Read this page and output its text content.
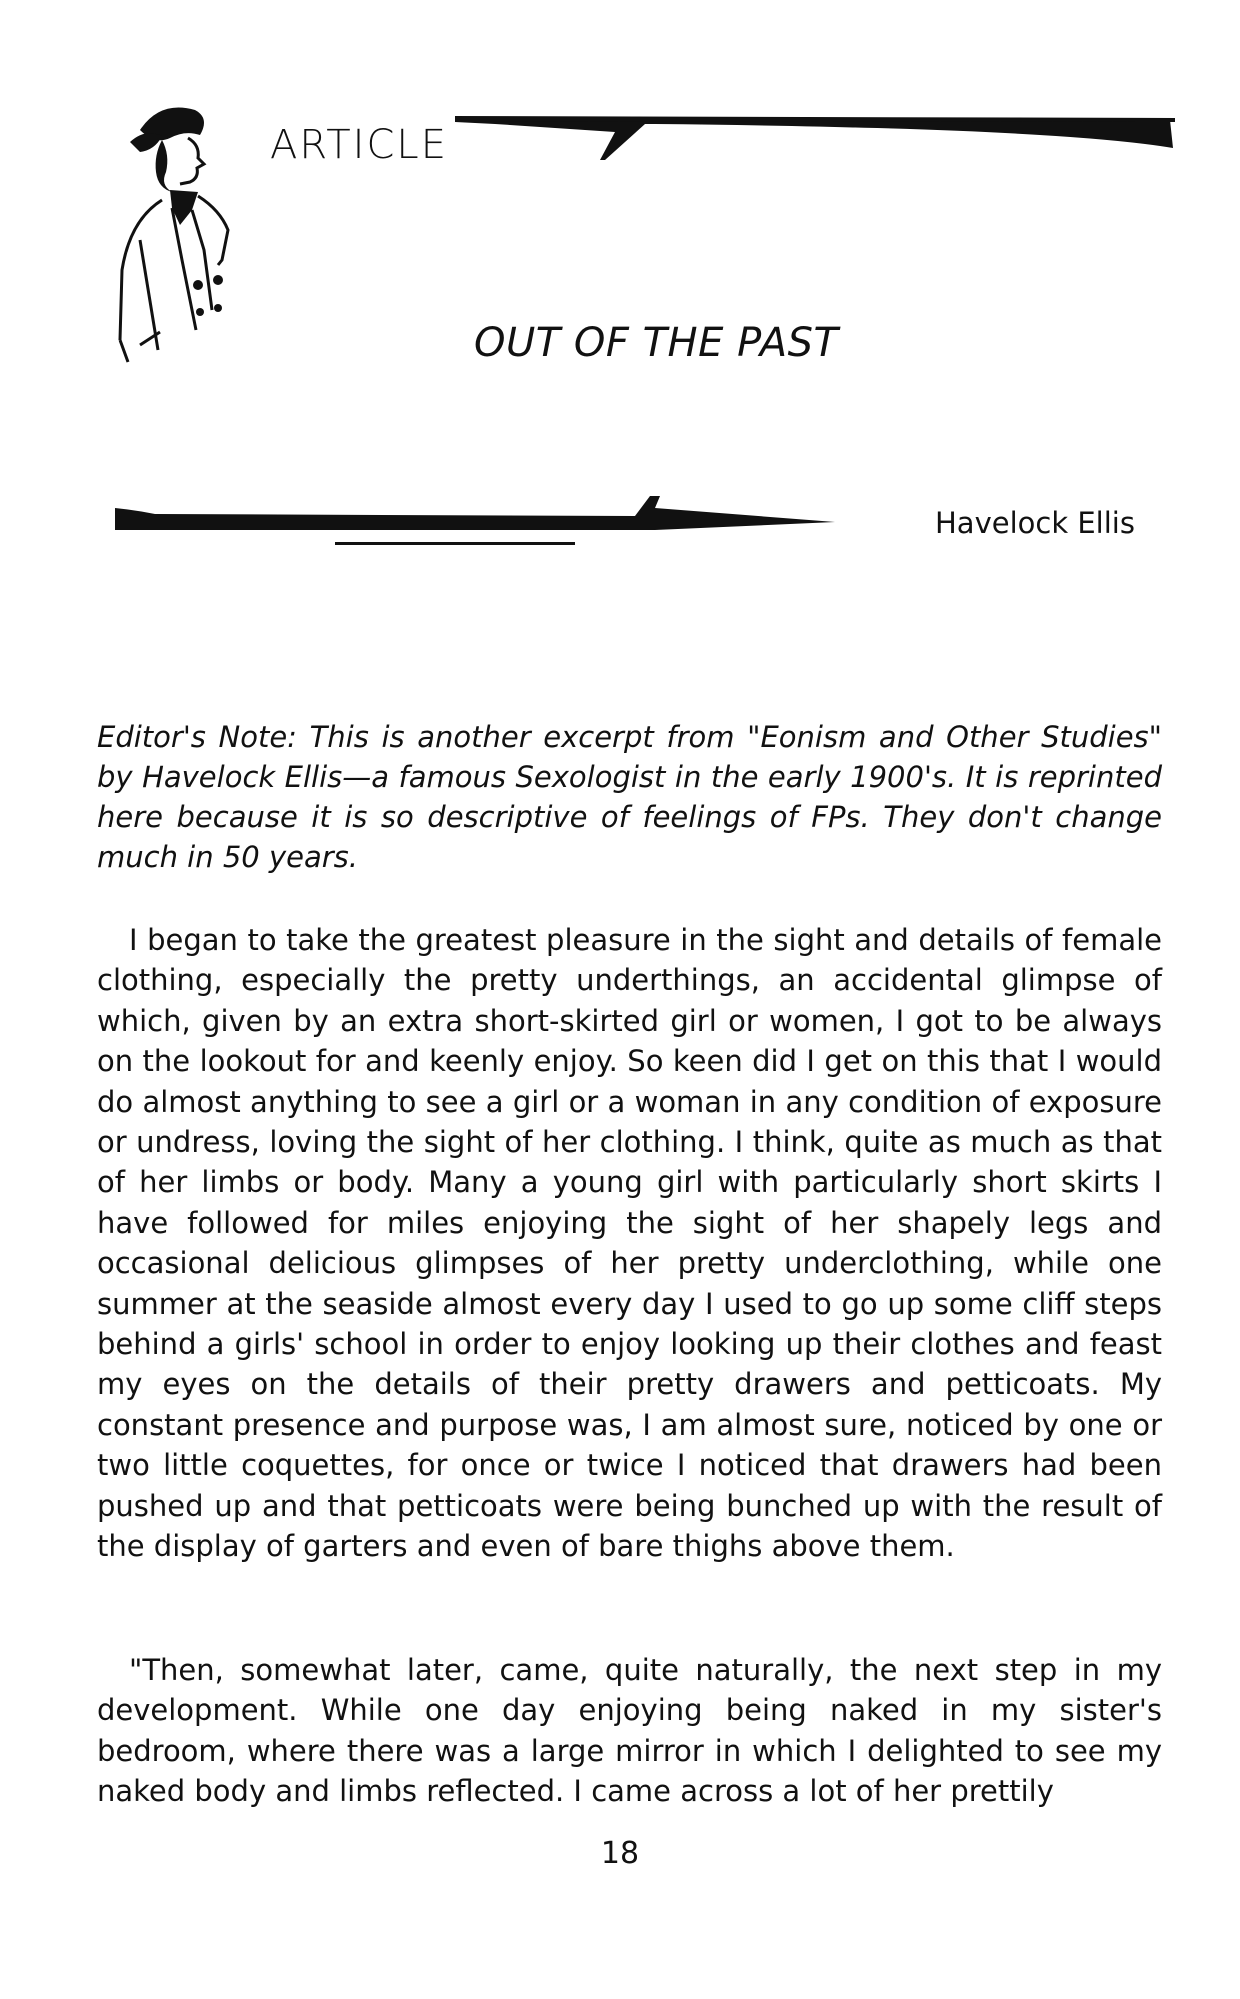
ARTICLE
OUT OF THE PAST
Havelock Ellis
Editor's Note: This is another excerpt from "Eonism and Other Studies" by Havelock Ellis—a famous Sexologist in the early 1900's. It is reprinted here because it is so descriptive of feelings of FPs. They don't change much in 50 years.

I began to take the greatest pleasure in the sight and details of female clothing, especially the pretty underthings, an accidental glimpse of which, given by an extra short-skirted girl or women, I got to be always on the lookout for and keenly enjoy. So keen did I get on this that I would do almost anything to see a girl or a woman in any condition of exposure or undress, loving the sight of her clothing. I think, quite as much as that of her limbs or body. Many a young girl with particularly short skirts I have followed for miles enjoying the sight of her shapely legs and occasional delicious glimpses of her pretty underclothing, while one summer at the seaside almost every day I used to go up some cliff steps behind a girls' school in order to enjoy looking up their clothes and feast my eyes on the details of their pretty drawers and petticoats. My constant presence and purpose was, I am almost sure, noticed by one or two little coquettes, for once or twice I noticed that drawers had been pushed up and that petticoats were being bunched up with the result of the display of garters and even of bare thighs above them.

"Then, somewhat later, came, quite naturally, the next step in my development. While one day enjoying being naked in my sister's bedroom, where there was a large mirror in which I delighted to see my naked body and limbs reflected. I came across a lot of her prettily

18
